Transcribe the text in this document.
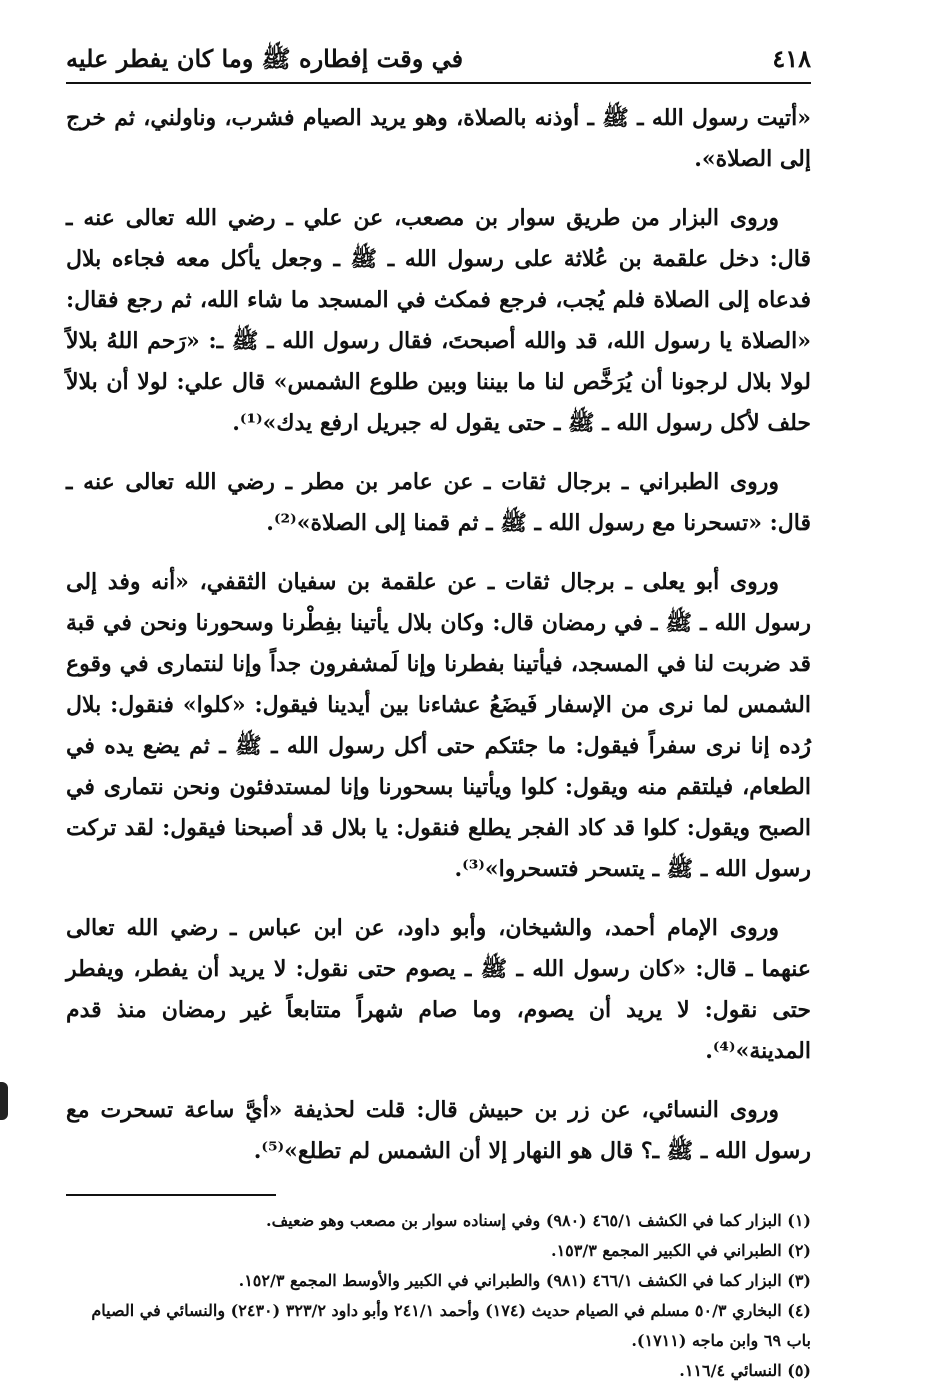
٤١٨
في وقت إفطاره ﷺ وما كان يفطر عليه

«أتيت رسول الله ـ ﷺ ـ أوذنه بالصلاة، وهو يريد الصيام فشرب، وناولني، ثم خرج إلى الصلاة».

وروى البزار من طريق سوار بن مصعب، عن علي ـ رضي الله تعالى عنه ـ قال: دخل علقمة بن عُلاثة على رسول الله ـ ﷺ ـ وجعل يأكل معه فجاءه بلال فدعاه إلى الصلاة فلم يُجب، فرجع فمكث في المسجد ما شاء الله، ثم رجع فقال: «الصلاة يا رسول الله، قد والله أصبحتَ، فقال رسول الله ـ ﷺ ـ: «رَحم اللهُ بلالاً لولا بلال لرجونا أن يُرَخَّص لنا ما بيننا وبين طلوع الشمس» قال علي: لولا أن بلالاً حلف لأكل رسول الله ـ ﷺ ـ حتى يقول له جبريل ارفع يدك»⁽¹⁾.

وروى الطبراني ـ برجال ثقات ـ عن عامر بن مطر ـ رضي الله تعالى عنه ـ قال: «تسحرنا مع رسول الله ـ ﷺ ـ ثم قمنا إلى الصلاة»⁽²⁾.

وروى أبو يعلى ـ برجال ثقات ـ عن علقمة بن سفيان الثقفي، «أنه وفد إلى رسول الله ـ ﷺ ـ في رمضان قال: وكان بلال يأتينا بفِطْرنا وسحورنا ونحن في قبة قد ضربت لنا في المسجد، فيأتينا بفطرنا وإنا لَمشفرون جداً وإنا لنتمارى في وقوع الشمس لما نرى من الإسفار فَيضَعُ عشاءنا بين أيدينا فيقول: «كلوا» فنقول: بلال رُده إنا نرى سفراً فيقول: ما جئتكم حتى أكل رسول الله ـ ﷺ ـ ثم يضع يده في الطعام، فيلتقم منه ويقول: كلوا ويأتينا بسحورنا وإنا لمستدفئون ونحن نتمارى في الصبح ويقول: كلوا قد كاد الفجر يطلع فنقول: يا بلال قد أصبحنا فيقول: لقد تركت رسول الله ـ ﷺ ـ يتسحر فتسحروا»⁽³⁾.

وروى الإمام أحمد، والشيخان، وأبو داود، عن ابن عباس ـ رضي الله تعالى عنهما ـ قال: «كان رسول الله ـ ﷺ ـ يصوم حتى نقول: لا يريد أن يفطر، ويفطر حتى نقول: لا يريد أن يصوم، وما صام شهراً متتابعاً غير رمضان منذ قدم المدينة»⁽⁴⁾.

وروى النسائي، عن زر بن حبيش قال: قلت لحذيفة «أيَّ ساعة تسحرت مع رسول الله ـ ﷺ ـ؟ قال هو النهار إلا أن الشمس لم تطلع»⁽⁵⁾.

(١) البزار كما في الكشف ٤٦٥/١ (٩٨٠) وفي إسناده سوار بن مصعب وهو ضعيف.
(٢) الطبراني في الكبير المجمع ١٥٣/٣.
(٣) البزار كما في الكشف ٤٦٦/١ (٩٨١) والطبراني في الكبير والأوسط المجمع ١٥٢/٣.
(٤) البخاري ٥٠/٣ مسلم في الصيام حديث (١٧٤) وأحمد ٢٤١/١ وأبو داود ٣٢٣/٢ (٢٤٣٠) والنسائي في الصيام باب ٦٩ وابن ماجه (١٧١١).
(٥) النسائي ١١٦/٤.
